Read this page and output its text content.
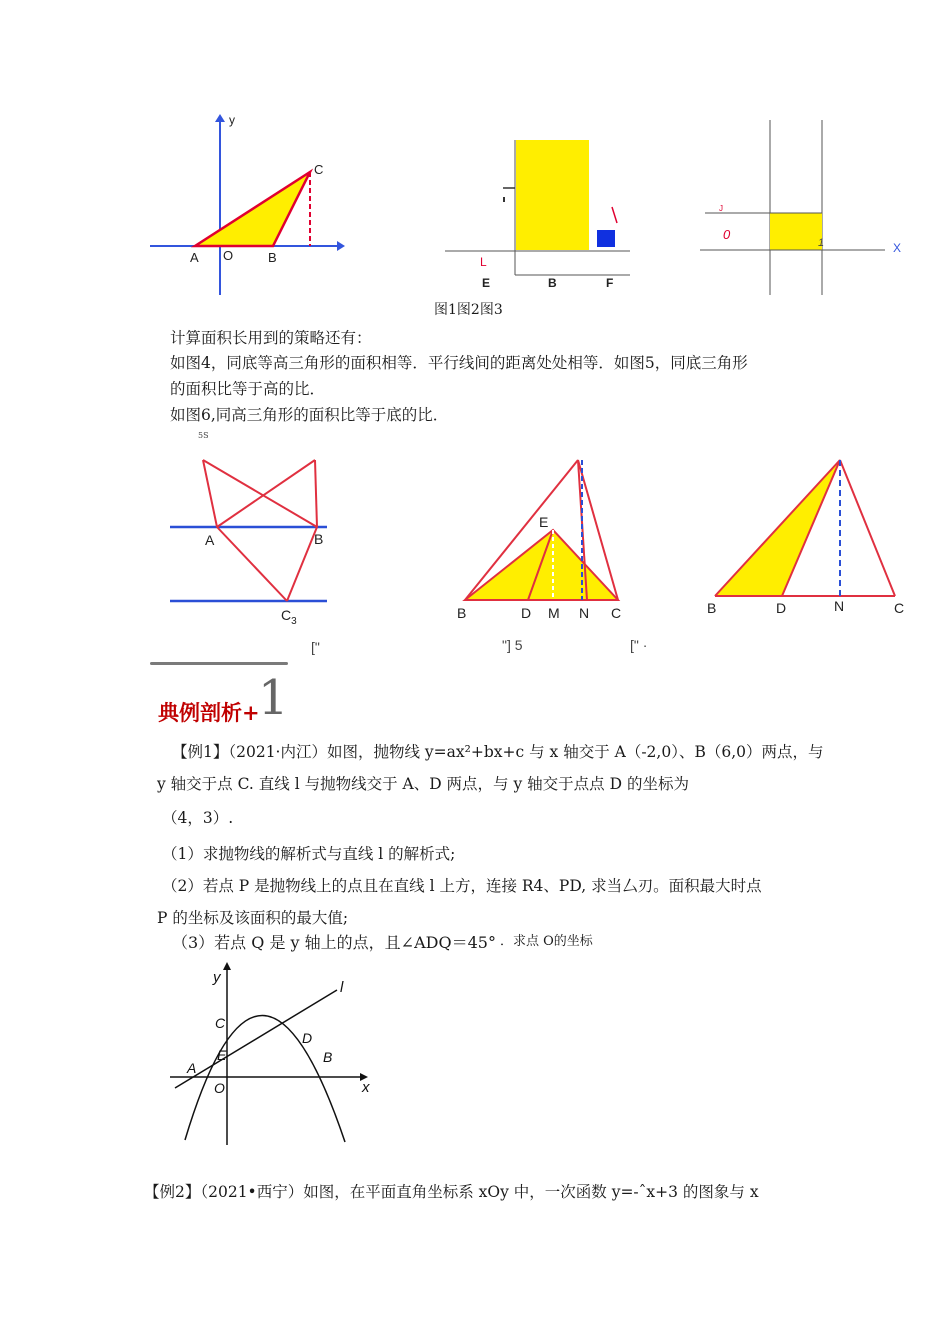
y
C
A O	B	L
E	B	F
J
0
1	X
图1图2图3
计算面积长用到的策略还有：
如图4，同底等高三角形的面积相等．平行线间的距离处处相等．如图5，同底三角形
的面积比等于高的比．
如图6,同高三角形的面积比等于底的比．
5S
A	B
$C_3$
["
E
B	D M N C
"] 5
B	D	N	C
[" ·
典例剖析+
1
【例1】（2021·内江）如图，抛物线 y=ax²+bx+c 与 x 轴交于 A（-2,0）、B（6,0）两点，与
y 轴交于点 C. 直线 l 与抛物线交于 A、D 两点，与 y 轴交于点点 D 的坐标为
（4，3）.
（1）求抛物线的解析式与直线 l 的解析式;
（2）若点 P 是抛物线上的点且在直线 l 上方，连接 R4、PD, 求当厶刃。面积最大时点
P 的坐标及该面积的最大值;
（3）若点 Q 是 y 轴上的点，且∠ADQ＝45° ．求点 O的坐标
y
l
C
D
A
E	B
O	x
【例2】（2021•西宁）如图，在平面直角坐标系 xOy 中，一次函数 y=-ˆx+3 的图象与 x
